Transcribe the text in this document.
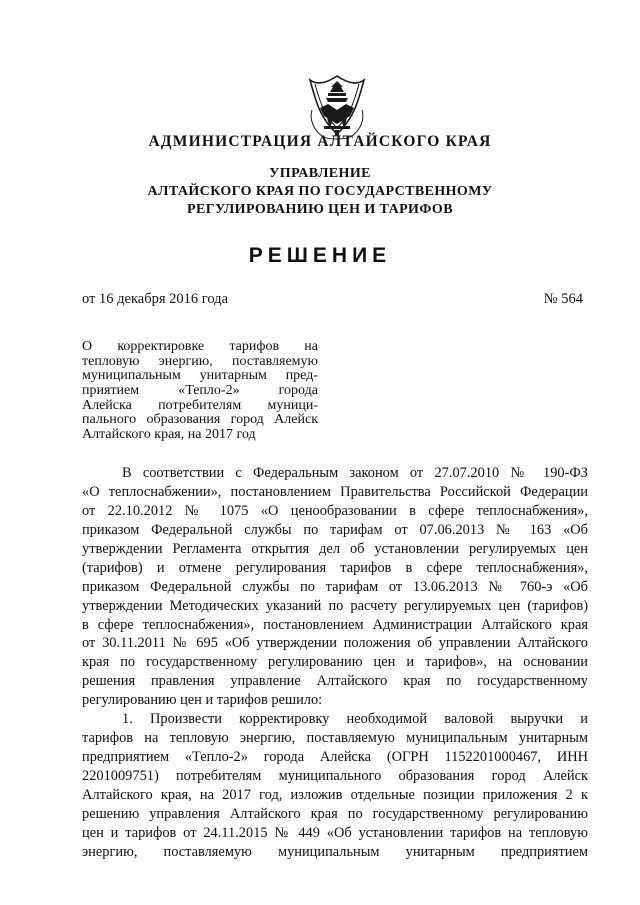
АДМИНИСТРАЦИЯ АЛТАЙСКОГО КРАЯ
УПРАВЛЕНИЕ
АЛТАЙСКОГО КРАЯ ПО ГОСУДАРСТВЕННОМУ
РЕГУЛИРОВАНИЮ ЦЕН И ТАРИФОВ
РЕШЕНИЕ
от 16 декабря 2016 года	№ 564
О корректировке тарифов на
тепловую энергию, поставляемую
муниципальным унитарным пред-
приятием «Тепло-2» города
Алейска потребителям муници-
пального образования город Алейск
Алтайского края, на 2017 год
В соответствии с Федеральным законом от 27.07.2010 № 190-ФЗ
«О теплоснабжении», постановлением Правительства Российской Федерации
от 22.10.2012 № 1075 «О ценообразовании в сфере теплоснабжения»,
приказом Федеральной службы по тарифам от 07.06.2013 № 163 «Об
утверждении Регламента открытия дел об установлении регулируемых цен
(тарифов) и отмене регулирования тарифов в сфере теплоснабжения»,
приказом Федеральной службы по тарифам от 13.06.2013 № 760-э «Об
утверждении Методических указаний по расчету регулируемых цен (тарифов)
в сфере теплоснабжения», постановлением Администрации Алтайского края
от 30.11.2011 № 695 «Об утверждении положения об управлении Алтайского
края по государственному регулированию цен и тарифов», на основании
решения правления управление Алтайского края по государственному
регулированию цен и тарифов решило:
1. Произвести корректировку необходимой валовой выручки и
тарифов на тепловую энергию, поставляемую муниципальным унитарным
предприятием «Тепло-2» города Алейска (ОГРН 1152201000467, ИНН
2201009751) потребителям муниципального образования город Алейск
Алтайского края, на 2017 год, изложив отдельные позиции приложения 2 к
решению управления Алтайского края по государственному регулированию
цен и тарифов от 24.11.2015 № 449 «Об установлении тарифов на тепловую
энергию, поставляемую муниципальным унитарным предприятием
